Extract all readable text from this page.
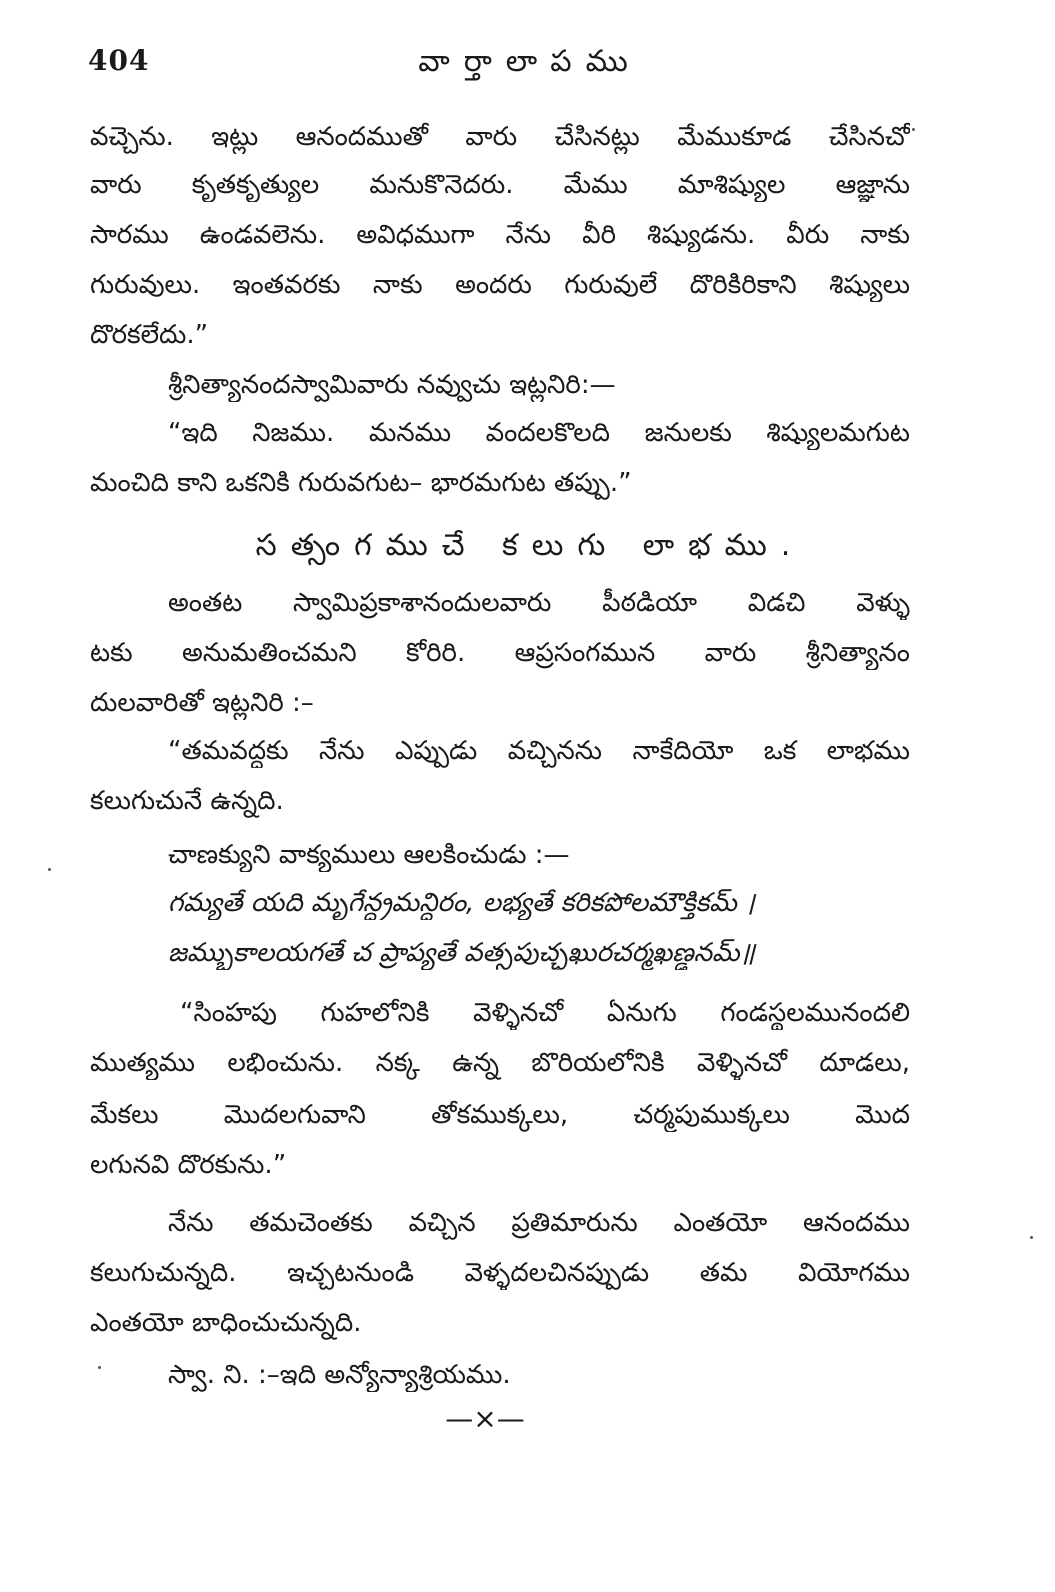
404	వార్తాలాపము
వచ్చెను. ఇట్లు ఆనందముతో వారు చేసినట్లు మేముకూడ చేసినచో
వారు కృతకృత్యుల మనుకొనెదరు. మేము మాశిష్యుల ఆజ్ఞాను
సారము ఉండవలెను. అవిధముగా నేను వీరి శిష్యుడను. వీరు నాకు
గురువులు. ఇంతవరకు నాకు అందరు గురువులే దొరికిరికాని శిష్యులు
దొరకలేదు.”
శ్రీనిత్యానందస్వామివారు నవ్వుచు ఇట్లనిరి:—
“ఇది నిజము. మనము వందలకొలది జనులకు శిష్యులమగుట
మంచిది కాని ఒకనికి గురువగుట– భారమగుట తప్పు.”
సత్సంగముచే కలుగు లాభము.
అంతట స్వామిప్రకాశానందులవారు పీఠడియా విడచి వెళ్ళు
టకు అనుమతించమని కోరిరి. ఆప్రసంగమున వారు శ్రీనిత్యానం
దులవారితో ఇట్లనిరి :–
“తమవద్దకు నేను ఎప్పుడు వచ్చినను నాకేదియో ఒక లాభము
కలుగుచునే ఉన్నది.
చాణక్యుని వాక్యములు ఆలకించుడు :—
గమ్యతే యది మృగేన్ద్రమన్దిరం, లభ్యతే కరికపోలమౌక్తికమ్ ।
జమ్బుకాలయగతే చ ప్రాప్యతే వత్సపుచ్ఛఖురచర్మఖణ్డనమ్॥
“సింహపు గుహలోనికి వెళ్ళినచో ఏనుగు గండస్థలమునందలి
ముత్యము లభించును. నక్క ఉన్న బొరియలోనికి వెళ్ళినచో దూడలు,
మేకలు మొదలగువాని తోకముక్కలు, చర్మపుముక్కలు మొద
లగునవి దొరకును.”
నేను తమచెంతకు వచ్చిన ప్రతిమారును ఎంతయో ఆనందము
కలుగుచున్నది. ఇచ్చటనుండి వెళ్ళదలచినప్పుడు తమ వియోగము
ఎంతయో బాధించుచున్నది.
స్వా. ని. :–ఇది అన్యోన్యాశ్రియము.
—×—
